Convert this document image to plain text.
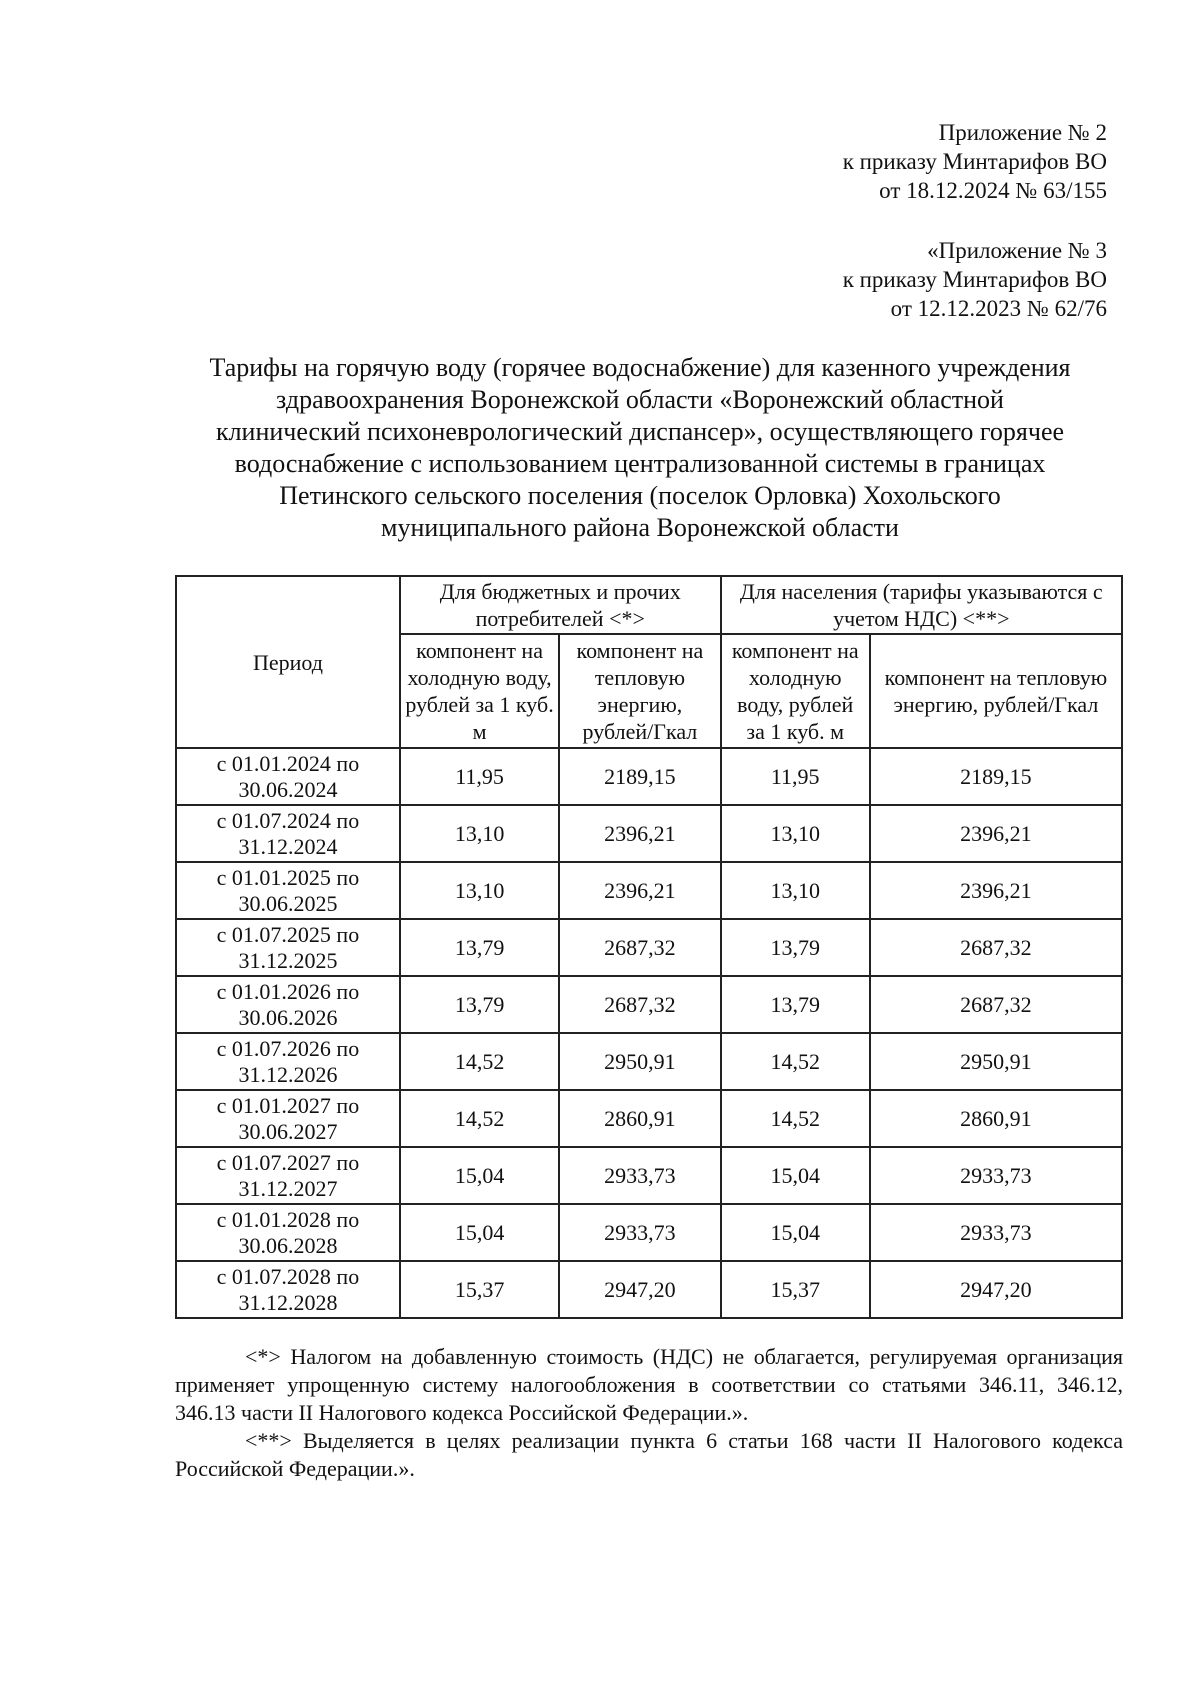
Приложение № 2
к приказу Минтарифов ВО
от 18.12.2024 № 63/155
«Приложение № 3
к приказу Минтарифов ВО
от 12.12.2023 № 62/76
Тарифы на горячую воду (горячее водоснабжение) для казенного учреждения
здравоохранения Воронежской области «Воронежский областной
клинический психоневрологический диспансер», осуществляющего горячее
водоснабжение с использованием централизованной системы в границах
Петинского сельского поселения (поселок Орловка) Хохольского
муниципального района Воронежской области
Период	Для бюджетных и прочих потребителей <*>		Для населения (тарифы указываются с учетом НДС) <**>	
	компонент на холодную воду, рублей за 1 куб. м	компонент на тепловую энергию, рублей/Гкал	компонент на холодную воду, рублей за 1 куб. м	компонент на тепловую энергию, рублей/Гкал

с 01.01.2024 по
30.06.2024	11,95	2189,15	11,95	2189,15

с 01.07.2024 по
31.12.2024	13,10	2396,21	13,10	2396,21

с 01.01.2025 по
30.06.2025	13,10	2396,21	13,10	2396,21

с 01.07.2025 по
31.12.2025	13,79	2687,32	13,79	2687,32

с 01.01.2026 по
30.06.2026	13,79	2687,32	13,79	2687,32

с 01.07.2026 по
31.12.2026	14,52	2950,91	14,52	2950,91

с 01.01.2027 по
30.06.2027	14,52	2860,91	14,52	2860,91

с 01.07.2027 по
31.12.2027	15,04	2933,73	15,04	2933,73

с 01.01.2028 по
30.06.2028	15,04	2933,73	15,04	2933,73

с 01.07.2028 по
31.12.2028	15,37	2947,20	15,37	2947,20

<*> Налогом на добавленную стоимость (НДС) не облагается, регулируемая организация применяет упрощенную систему налогообложения в соответствии со статьями 346.11, 346.12, 346.13 части II Налогового кодекса Российской Федерации.».

<**> Выделяется в целях реализации пункта 6 статьи 168 части II Налогового кодекса Российской Федерации.».
